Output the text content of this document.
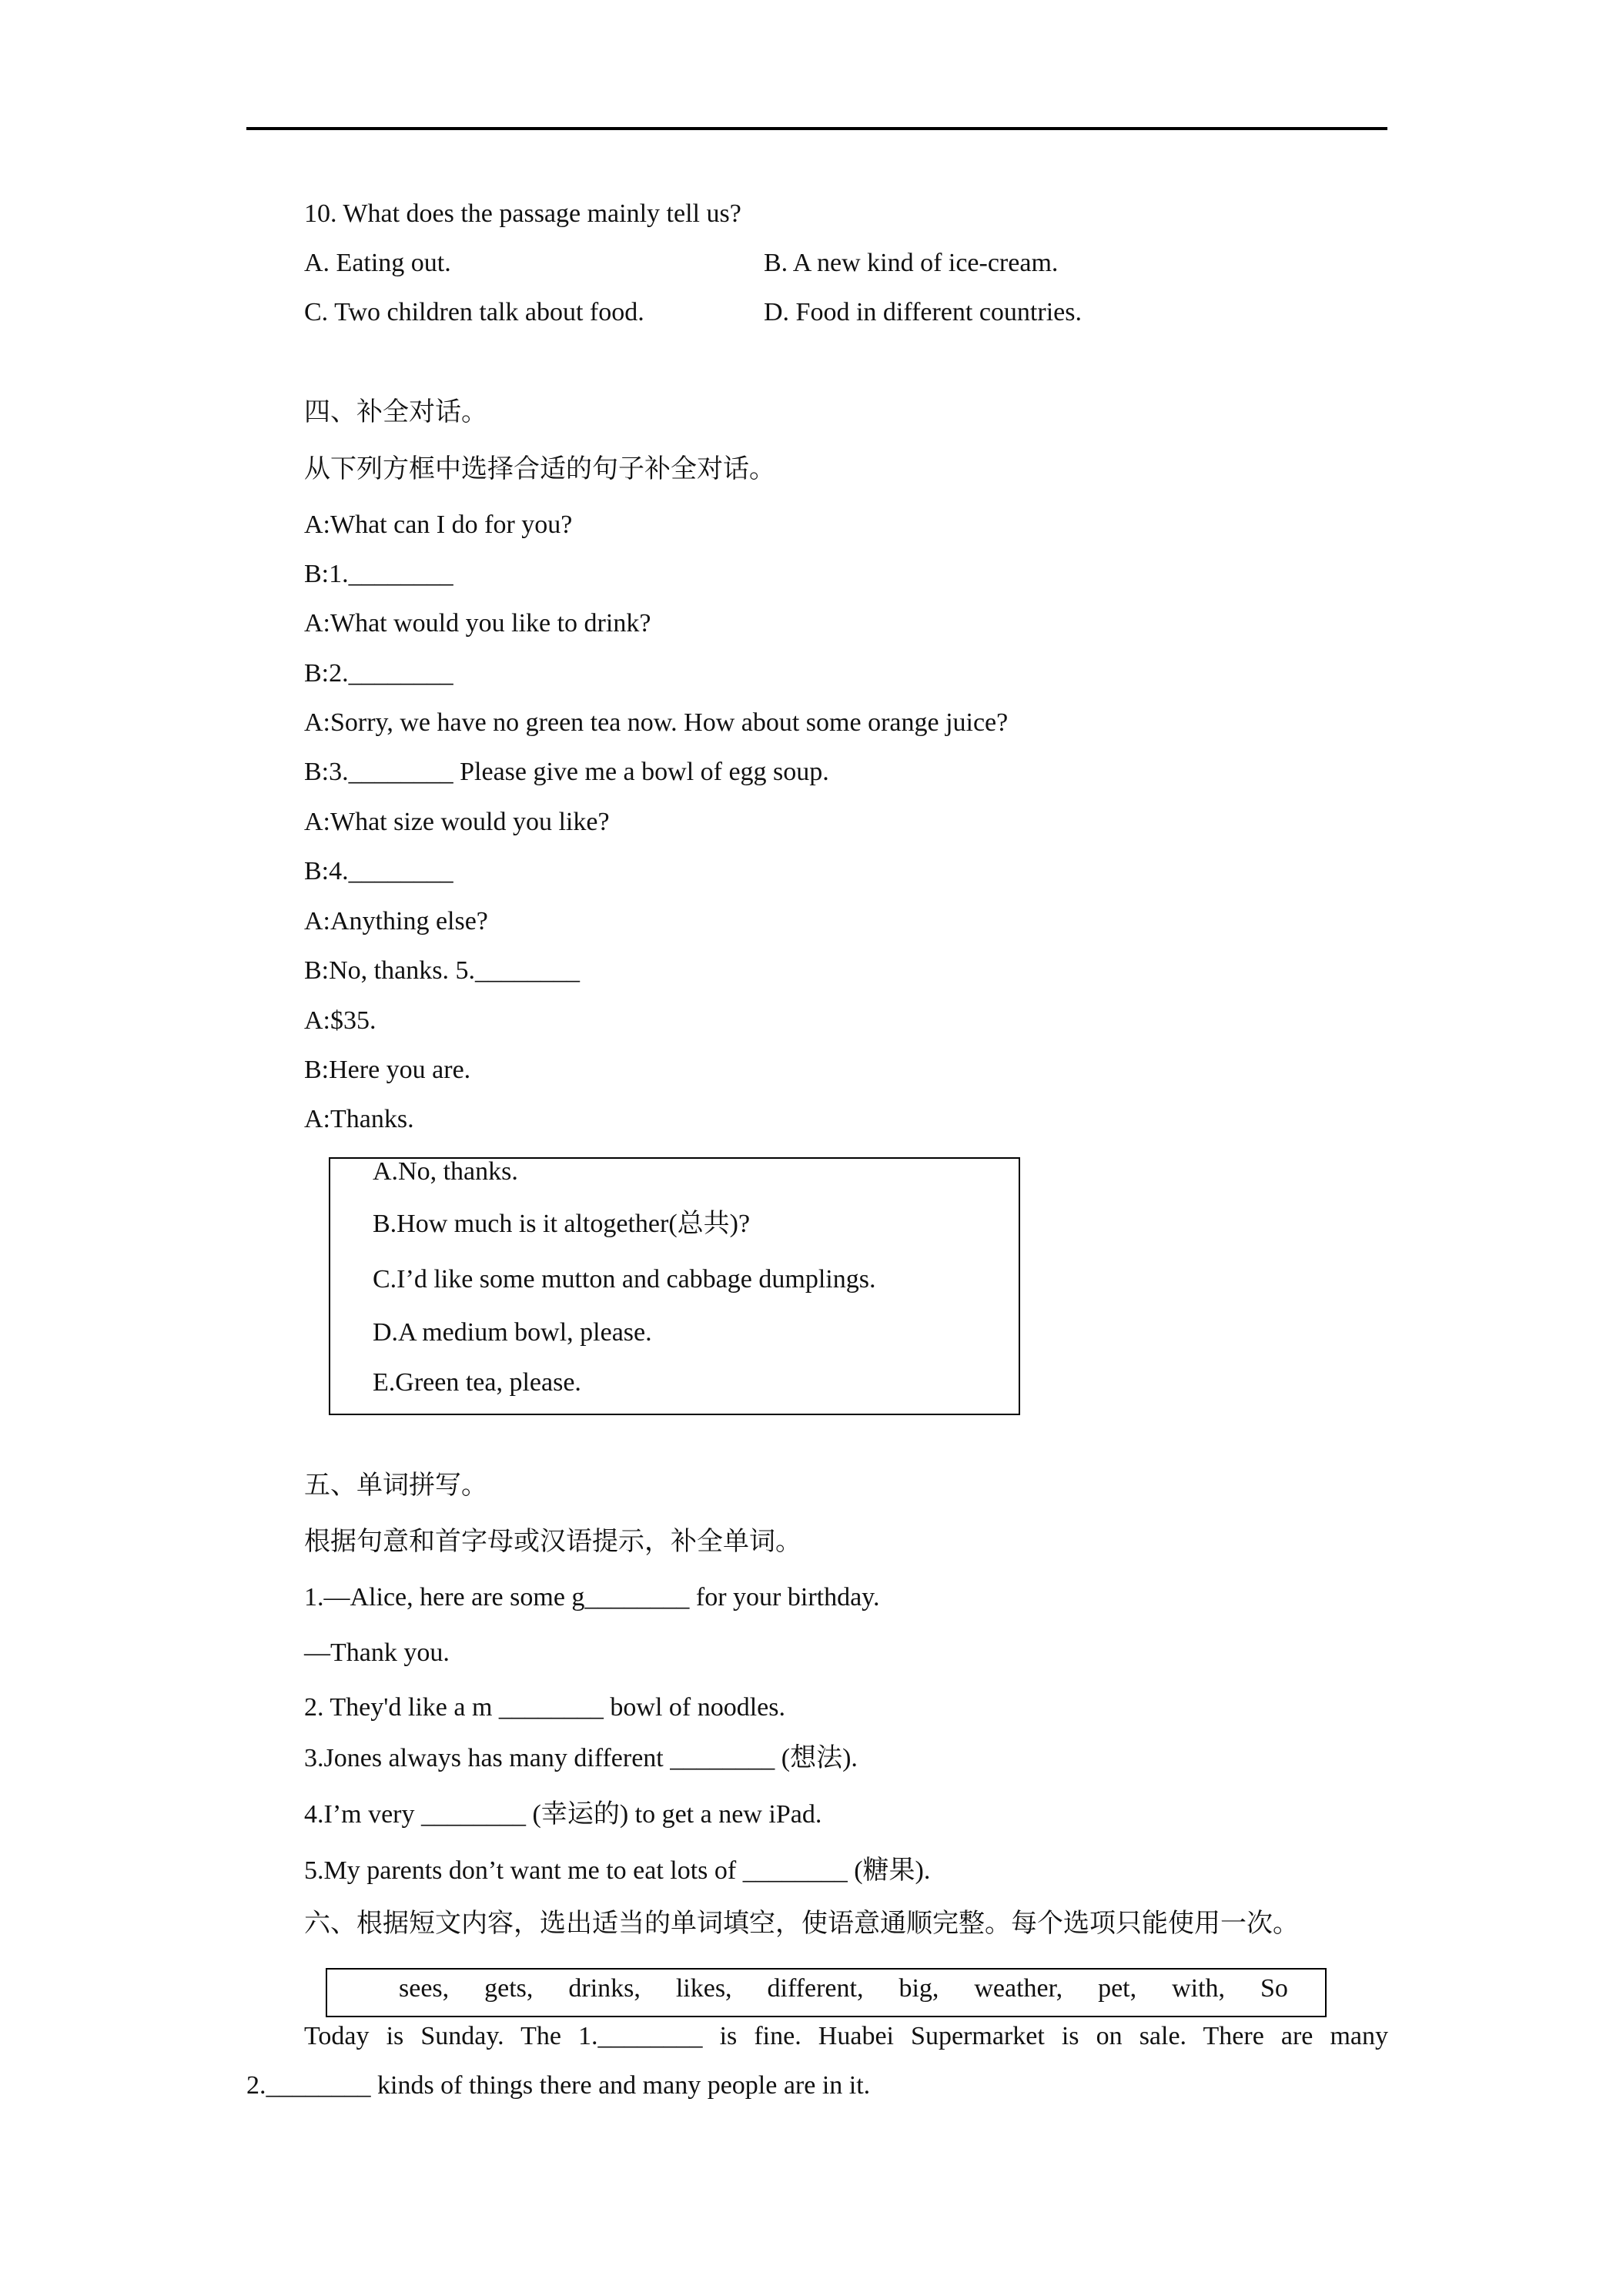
10. What does the passage mainly tell us?
A. Eating out.	B. A new kind of ice-cream.
C. Two children talk about food.	D. Food in different countries.
四、补全对话。
从下列方框中选择合适的句子补全对话。
A:What can I do for you?
B:1.________
A:What would you like to drink?
B:2.________
A:Sorry, we have no green tea now. How about some orange juice?
B:3.________ Please give me a bowl of egg soup.
A:What size would you like?
B:4.________
A:Anything else?
B:No, thanks. 5.________
A:$35.
B:Here you are.
A:Thanks.
A.No, thanks.
B.How much is it altogether(总共)?
C.I’d like some mutton and cabbage dumplings.
D.A medium bowl, please.
E.Green tea, please.
五、单词拼写。
根据句意和首字母或汉语提示，补全单词。
1.—Alice, here are some g________ for your birthday.
—Thank you.
2. They'd like a m ________ bowl of noodles.
3.Jones always has many different ________ (想法).
4.I’m very ________ (幸运的) to get a new iPad.
5.My parents don’t want me to eat lots of ________ (糖果).
六、根据短文内容，选出适当的单词填空，使语意通顺完整。每个选项只能使用一次。
sees, gets, drinks, likes, different, big, weather, pet, with, So
Today is Sunday. The 1.________ is fine. Huabei Supermarket is on sale. There are many
2.________ kinds of things there and many people are in it.
